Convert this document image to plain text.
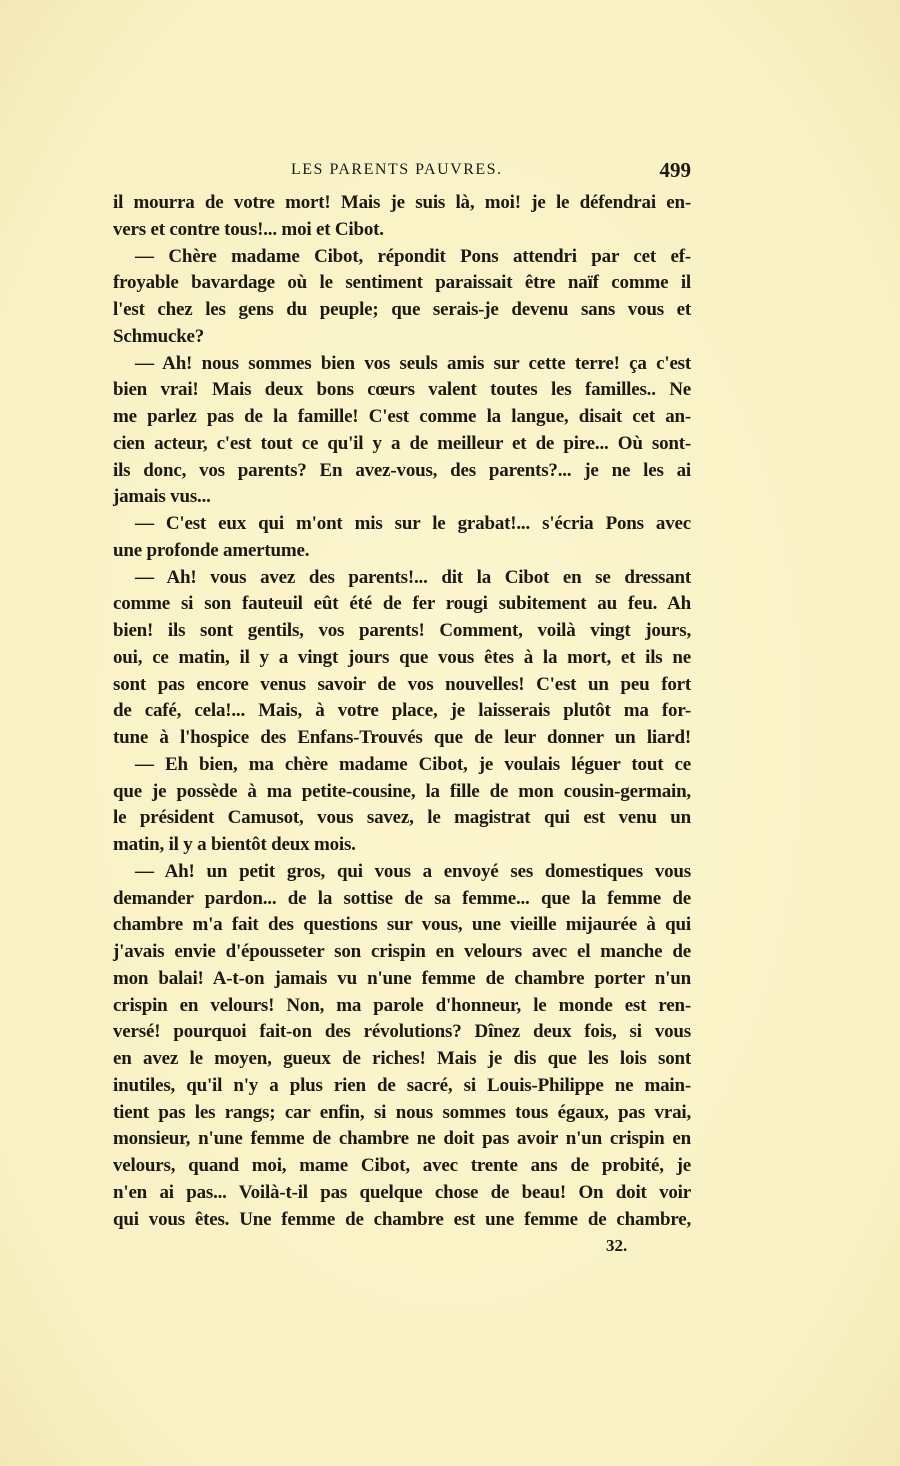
LES PARENTS PAUVRES.	499
il mourra de votre mort! Mais je suis là, moi! je le défendrai en-
vers et contre tous!... moi et Cibot.
— Chère madame Cibot, répondit Pons attendri par cet ef-
froyable bavardage où le sentiment paraissait être naïf comme il
l'est chez les gens du peuple; que serais-je devenu sans vous et
Schmucke?
— Ah! nous sommes bien vos seuls amis sur cette terre! ça c'est
bien vrai! Mais deux bons cœurs valent toutes les familles.. Ne
me parlez pas de la famille! C'est comme la langue, disait cet an-
cien acteur, c'est tout ce qu'il y a de meilleur et de pire... Où sont-
ils donc, vos parents? En avez-vous, des parents?... je ne les ai
jamais vus...
— C'est eux qui m'ont mis sur le grabat!... s'écria Pons avec
une profonde amertume.
— Ah! vous avez des parents!... dit la Cibot en se dressant
comme si son fauteuil eût été de fer rougi subitement au feu. Ah
bien! ils sont gentils, vos parents! Comment, voilà vingt jours,
oui, ce matin, il y a vingt jours que vous êtes à la mort, et ils ne
sont pas encore venus savoir de vos nouvelles! C'est un peu fort
de café, cela!... Mais, à votre place, je laisserais plutôt ma for-
tune à l'hospice des Enfans-Trouvés que de leur donner un liard!
— Eh bien, ma chère madame Cibot, je voulais léguer tout ce
que je possède à ma petite-cousine, la fille de mon cousin-germain,
le président Camusot, vous savez, le magistrat qui est venu un
matin, il y a bientôt deux mois.
— Ah! un petit gros, qui vous a envoyé ses domestiques vous
demander pardon... de la sottise de sa femme... que la femme de
chambre m'a fait des questions sur vous, une vieille mijaurée à qui
j'avais envie d'épousseter son crispin en velours avec el manche de
mon balai! A-t-on jamais vu n'une femme de chambre porter n'un
crispin en velours! Non, ma parole d'honneur, le monde est ren-
versé! pourquoi fait-on des révolutions? Dînez deux fois, si vous
en avez le moyen, gueux de riches! Mais je dis que les lois sont
inutiles, qu'il n'y a plus rien de sacré, si Louis-Philippe ne main-
tient pas les rangs; car enfin, si nous sommes tous égaux, pas vrai,
monsieur, n'une femme de chambre ne doit pas avoir n'un crispin en
velours, quand moi, mame Cibot, avec trente ans de probité, je
n'en ai pas... Voilà-t-il pas quelque chose de beau! On doit voir
qui vous êtes. Une femme de chambre est une femme de chambre,
32.
